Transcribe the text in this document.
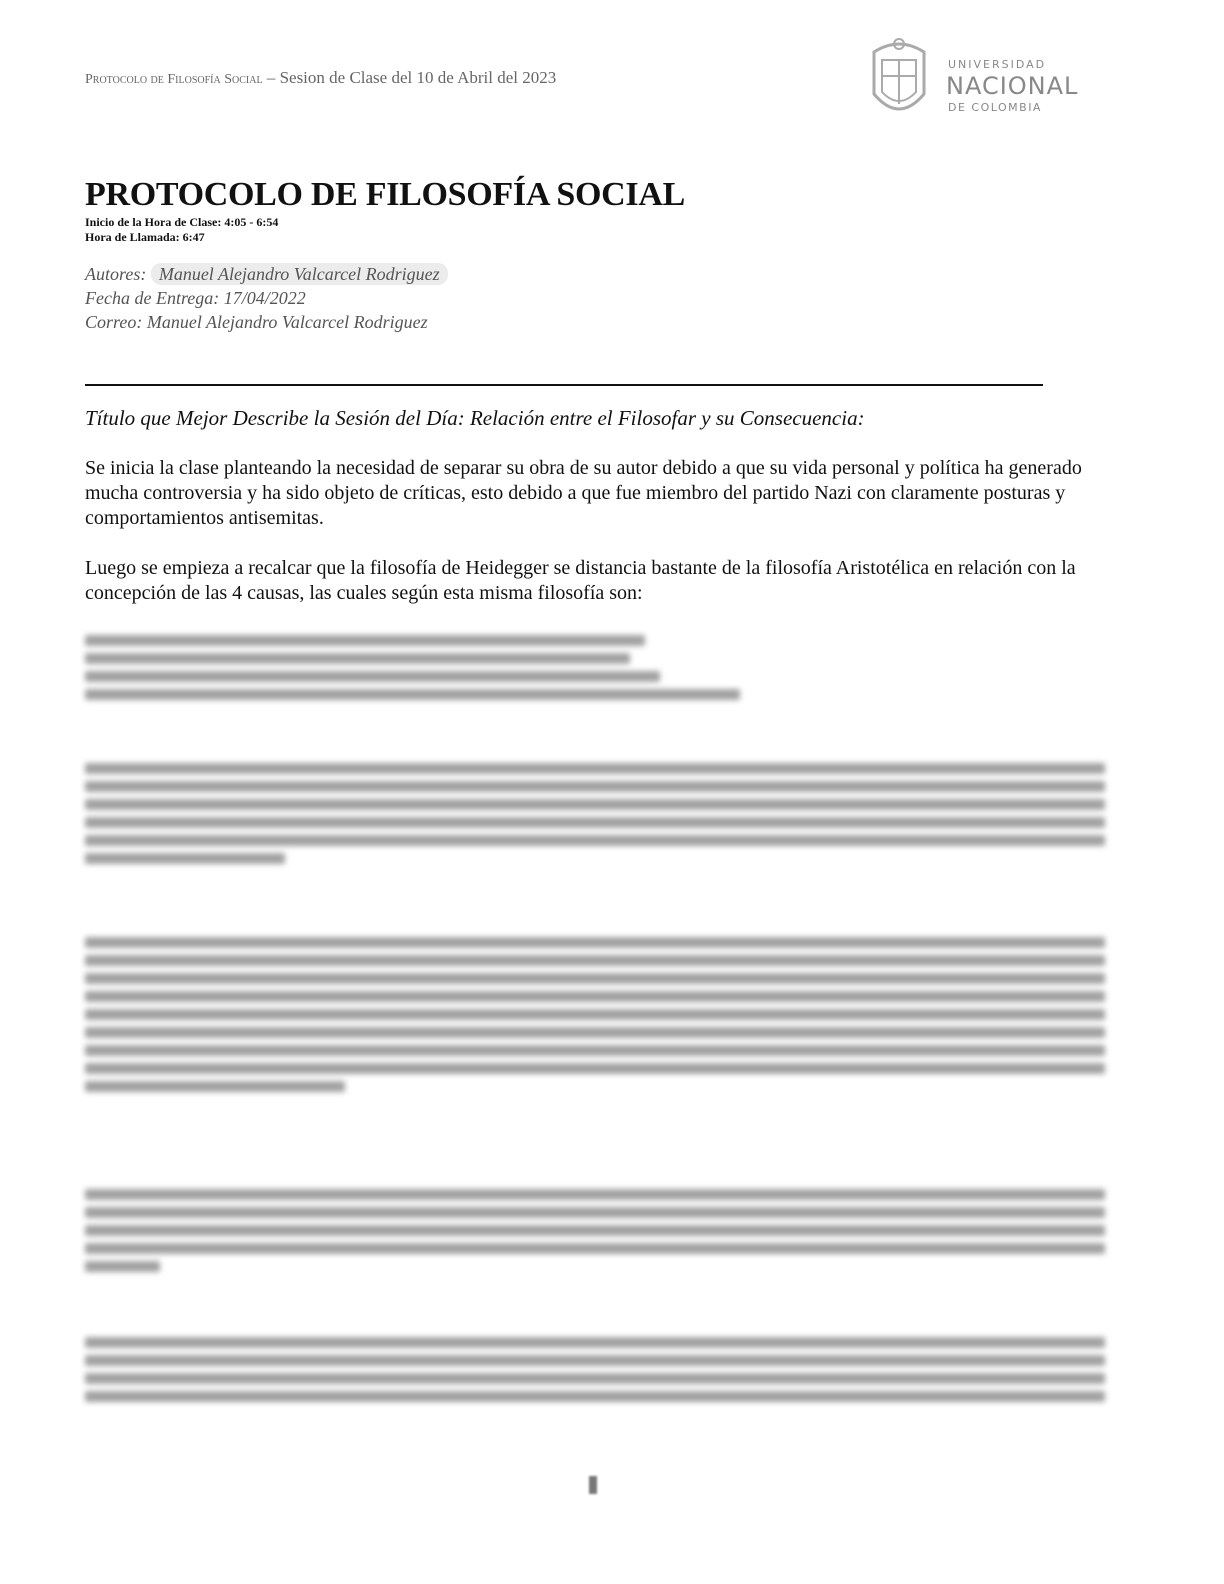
Protocolo de Filosofía Social – Sesion de Clase del 10 de Abril del 2023
UNIVERSIDAD
NACIONAL
DE COLOMBIA
PROTOCOLO DE FILOSOFÍA SOCIAL
Inicio de la Hora de Clase: 4:05 - 6:54
Hora de Llamada: 6:47
Autores: Manuel Alejandro Valcarcel Rodriguez
Fecha de Entrega: 17/04/2022
Correo: Manuel Alejandro Valcarcel Rodriguez
Título que Mejor Describe la Sesión del Día: Relación entre el Filosofar y su Consecuencia:
Se inicia la clase planteando la necesidad de separar su obra de su autor debido a que su vida personal y política ha generado mucha controversia y ha sido objeto de críticas, esto debido a que fue miembro del partido Nazi con claramente posturas y comportamientos antisemitas.
Luego se empieza a recalcar que la filosofía de Heidegger se distancia bastante de la filosofía Aristotélica en relación con la concepción de las 4 causas, las cuales según esta misma filosofía son:
